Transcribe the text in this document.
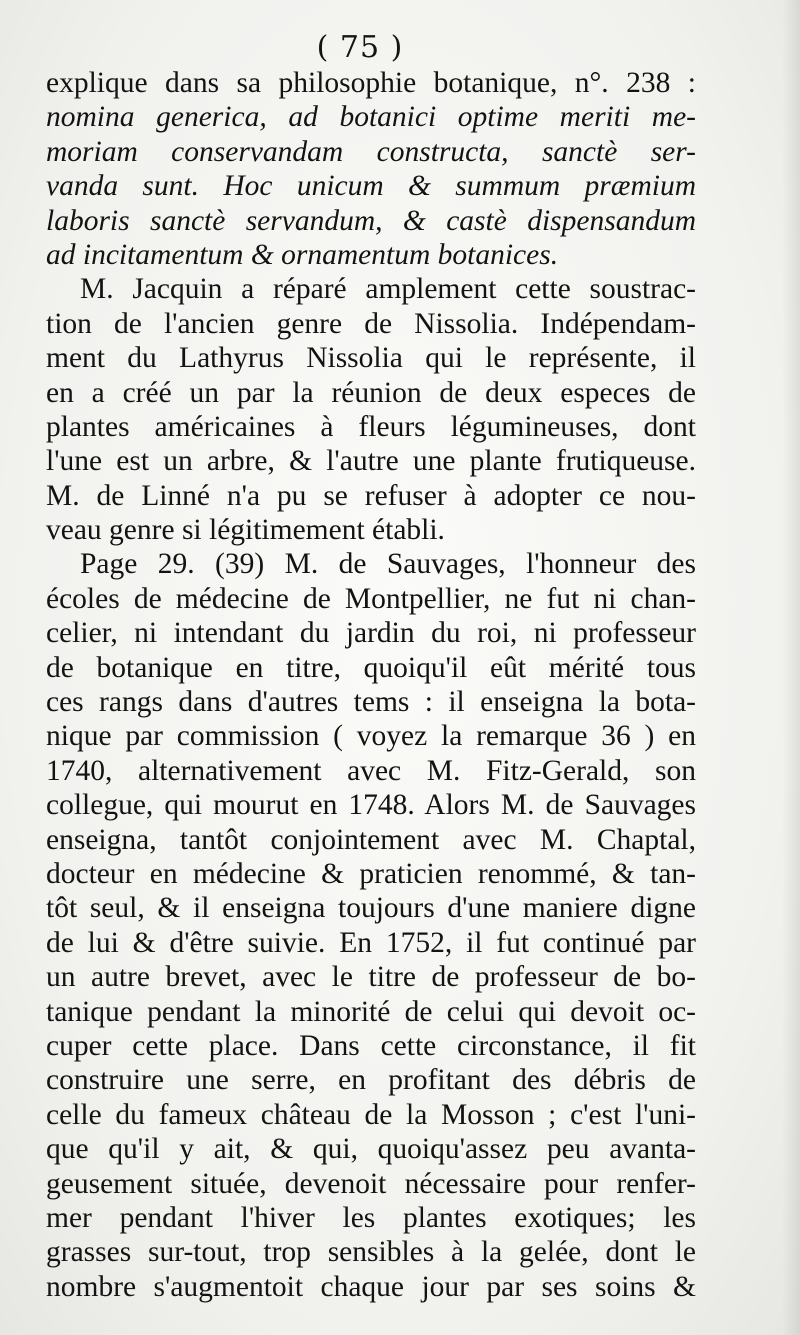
( 75 )
explique dans sa philosophie botanique, n°. 238 :
nomina generica, ad botanici optime meriti me-
moriam conservandam constructa, sanctè ser-
vanda sunt. Hoc unicum & summum præmium
laboris sanctè servandum, & castè dispensandum
ad incitamentum & ornamentum botanices.
M. Jacquin a réparé amplement cette soustrac-
tion de l'ancien genre de Nissolia. Indépendam-
ment du Lathyrus Nissolia qui le représente, il
en a créé un par la réunion de deux especes de
plantes américaines à fleurs légumineuses, dont
l'une est un arbre, & l'autre une plante frutiqueuse.
M. de Linné n'a pu se refuser à adopter ce nou-
veau genre si légitimement établi.
Page 29. (39) M. de Sauvages, l'honneur des
écoles de médecine de Montpellier, ne fut ni chan-
celier, ni intendant du jardin du roi, ni professeur
de botanique en titre, quoiqu'il eût mérité tous
ces rangs dans d'autres tems : il enseigna la bota-
nique par commission ( voyez la remarque 36 ) en
1740, alternativement avec M. Fitz-Gerald, son
collegue, qui mourut en 1748. Alors M. de Sauvages
enseigna, tantôt conjointement avec M. Chaptal,
docteur en médecine & praticien renommé, & tan-
tôt seul, & il enseigna toujours d'une maniere digne
de lui & d'être suivie. En 1752, il fut continué par
un autre brevet, avec le titre de professeur de bo-
tanique pendant la minorité de celui qui devoit oc-
cuper cette place. Dans cette circonstance, il fit
construire une serre, en profitant des débris de
celle du fameux château de la Mosson ; c'est l'uni-
que qu'il y ait, & qui, quoiqu'assez peu avanta-
geusement située, devenoit nécessaire pour renfer-
mer pendant l'hiver les plantes exotiques; les
grasses sur-tout, trop sensibles à la gelée, dont le
nombre s'augmentoit chaque jour par ses soins &
